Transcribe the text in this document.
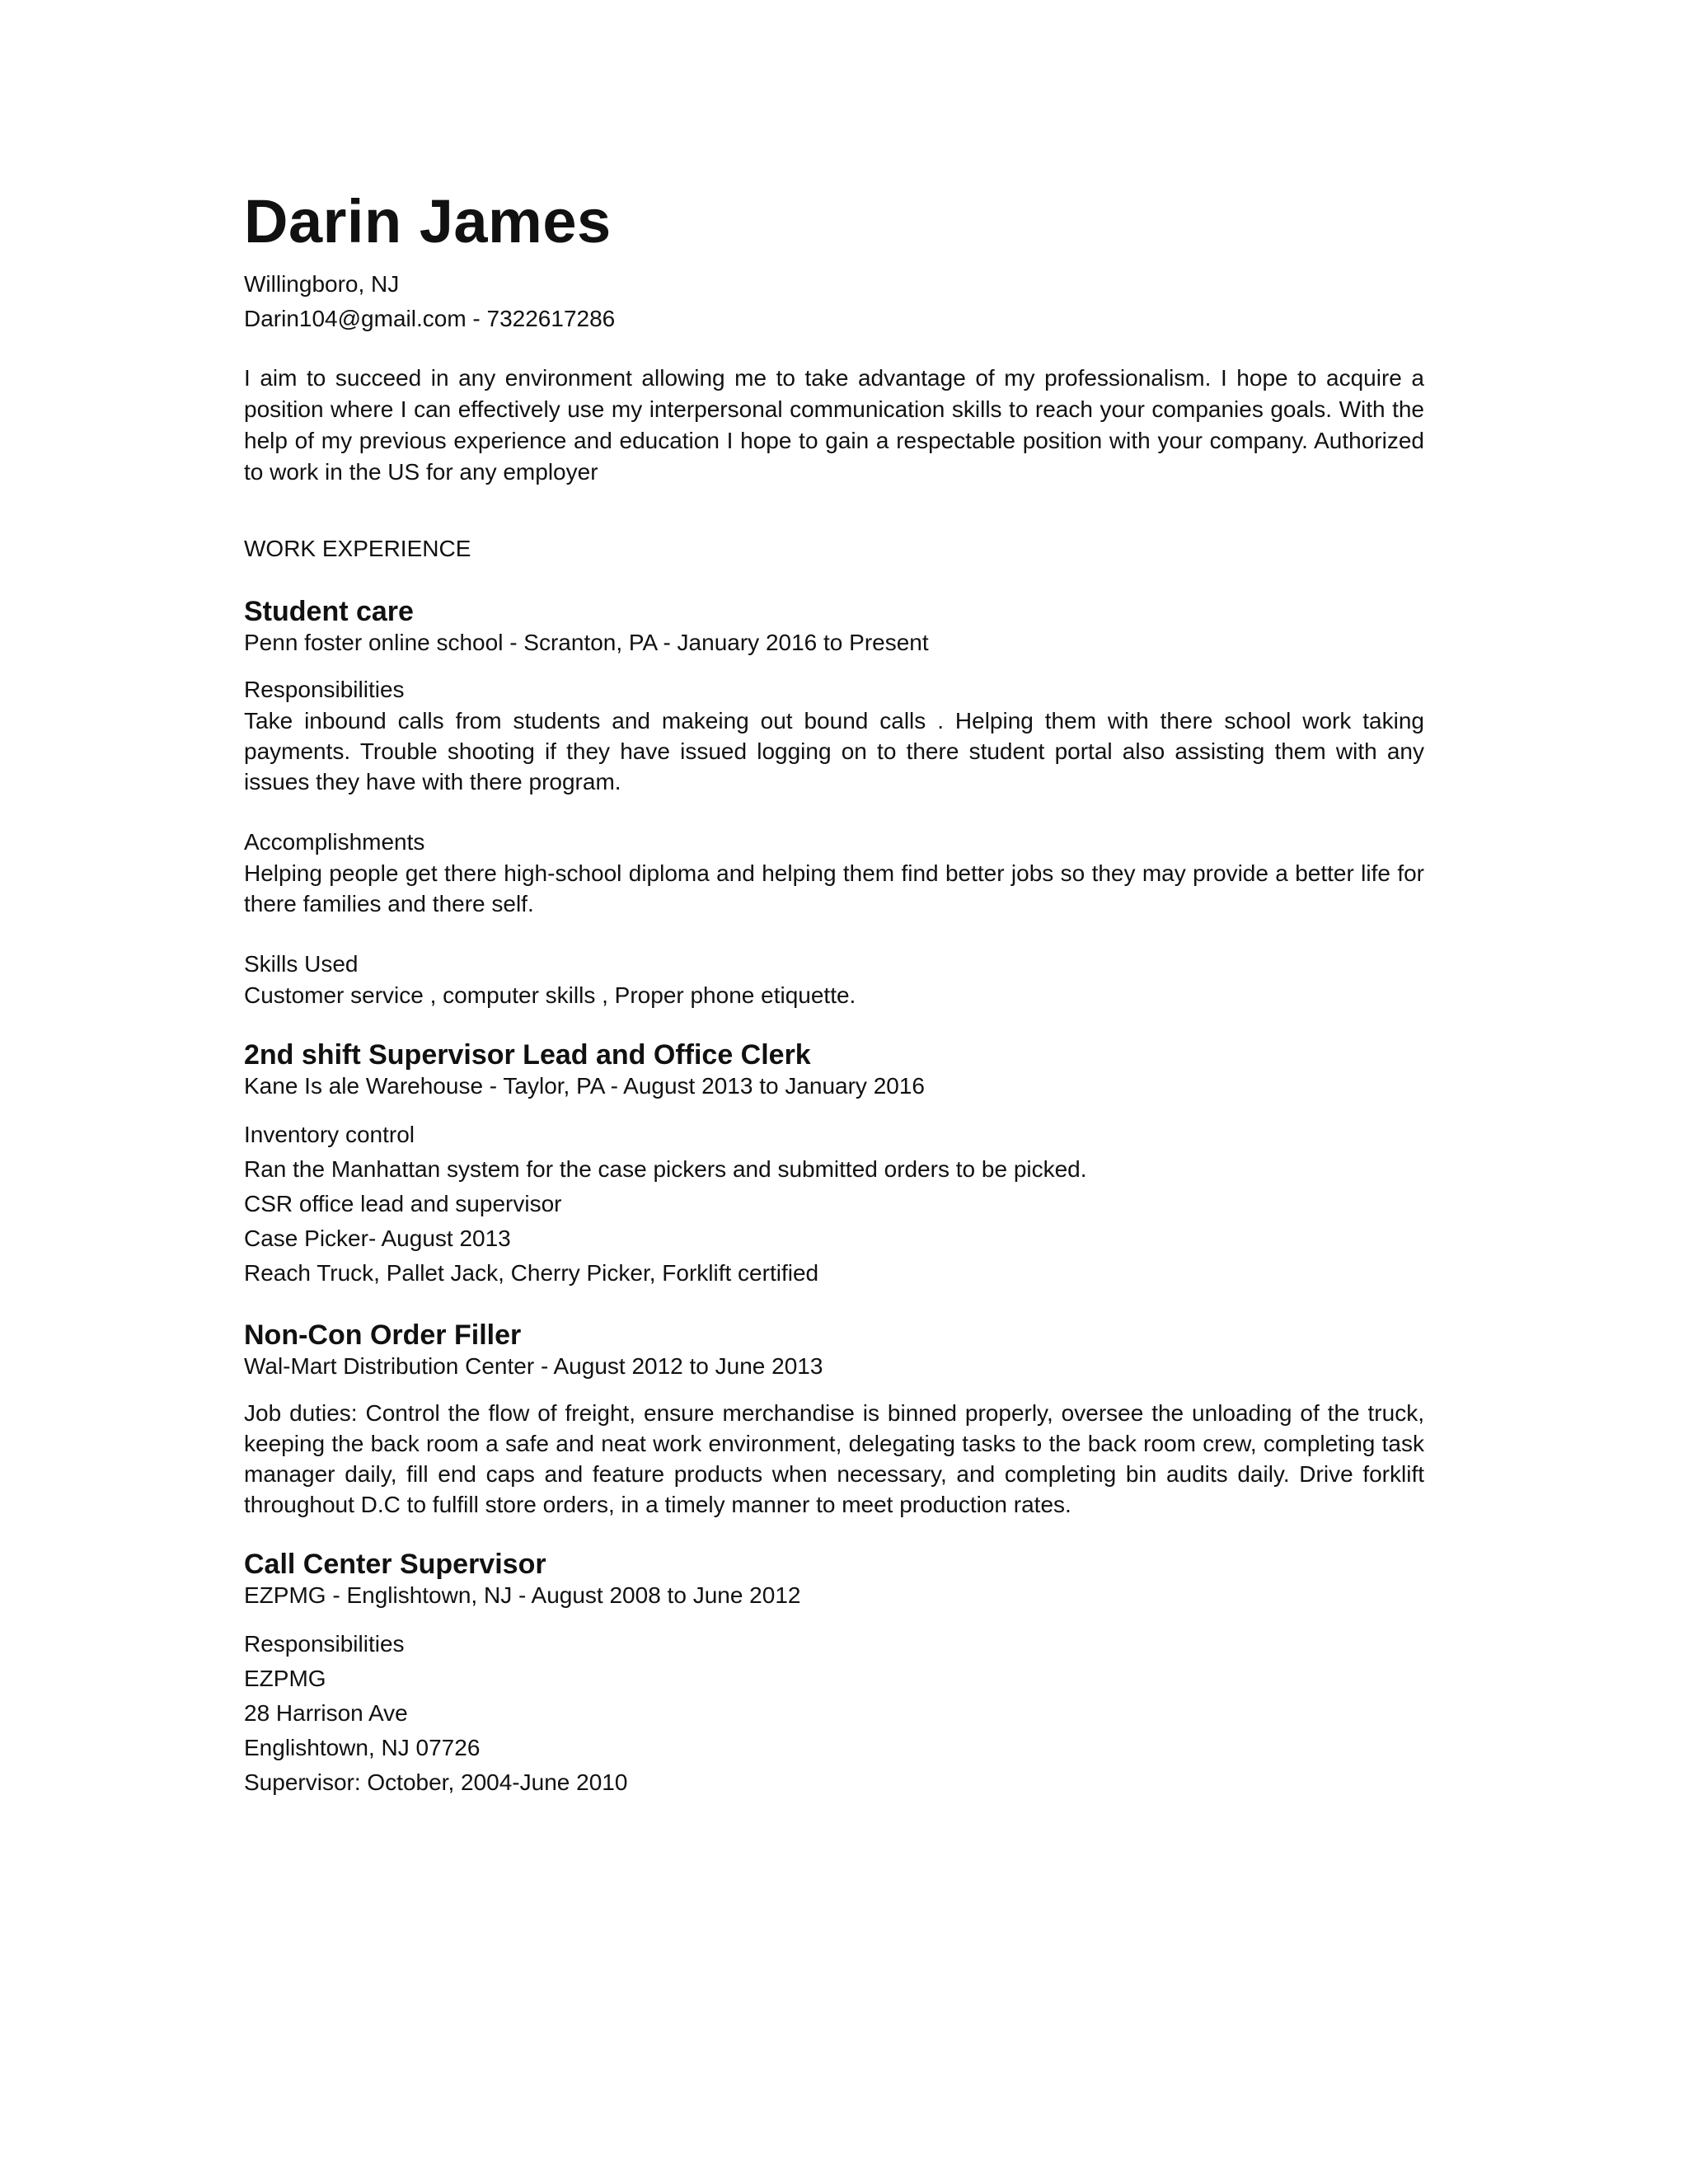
Darin James
Willingboro, NJ
Darin104@gmail.com - 7322617286
I aim to succeed in any environment allowing me to take advantage of my professionalism. I hope to acquire a position where I can effectively use my interpersonal communication skills to reach your companies goals. With the help of my previous experience and education I hope to gain a respectable position with your company. Authorized to work in the US for any employer
WORK EXPERIENCE
Student care
Penn foster online school - Scranton, PA - January 2016 to Present
Responsibilities
Take inbound calls from students and makeing out bound calls . Helping them with there school work taking payments. Trouble shooting if they have issued logging on to there student portal also assisting them with any issues they have with there program.
Accomplishments
Helping people get there high-school diploma and helping them find better jobs so they may provide a better life for there families and there self.
Skills Used
Customer service , computer skills , Proper phone etiquette.
2nd shift Supervisor Lead and Office Clerk
Kane Is ale Warehouse - Taylor, PA - August 2013 to January 2016
Inventory control
Ran the Manhattan system for the case pickers and submitted orders to be picked.
CSR office lead and supervisor
Case Picker- August 2013
Reach Truck, Pallet Jack, Cherry Picker, Forklift certified
Non-Con Order Filler
Wal-Mart Distribution Center - August 2012 to June 2013
Job duties: Control the flow of freight, ensure merchandise is binned properly, oversee the unloading of the truck, keeping the back room a safe and neat work environment, delegating tasks to the back room crew, completing task manager daily, fill end caps and feature products when necessary, and completing bin audits daily. Drive forklift throughout D.C to fulfill store orders, in a timely manner to meet production rates.
Call Center Supervisor
EZPMG - Englishtown, NJ - August 2008 to June 2012
Responsibilities
EZPMG
28 Harrison Ave
Englishtown, NJ 07726
Supervisor: October, 2004-June 2010
